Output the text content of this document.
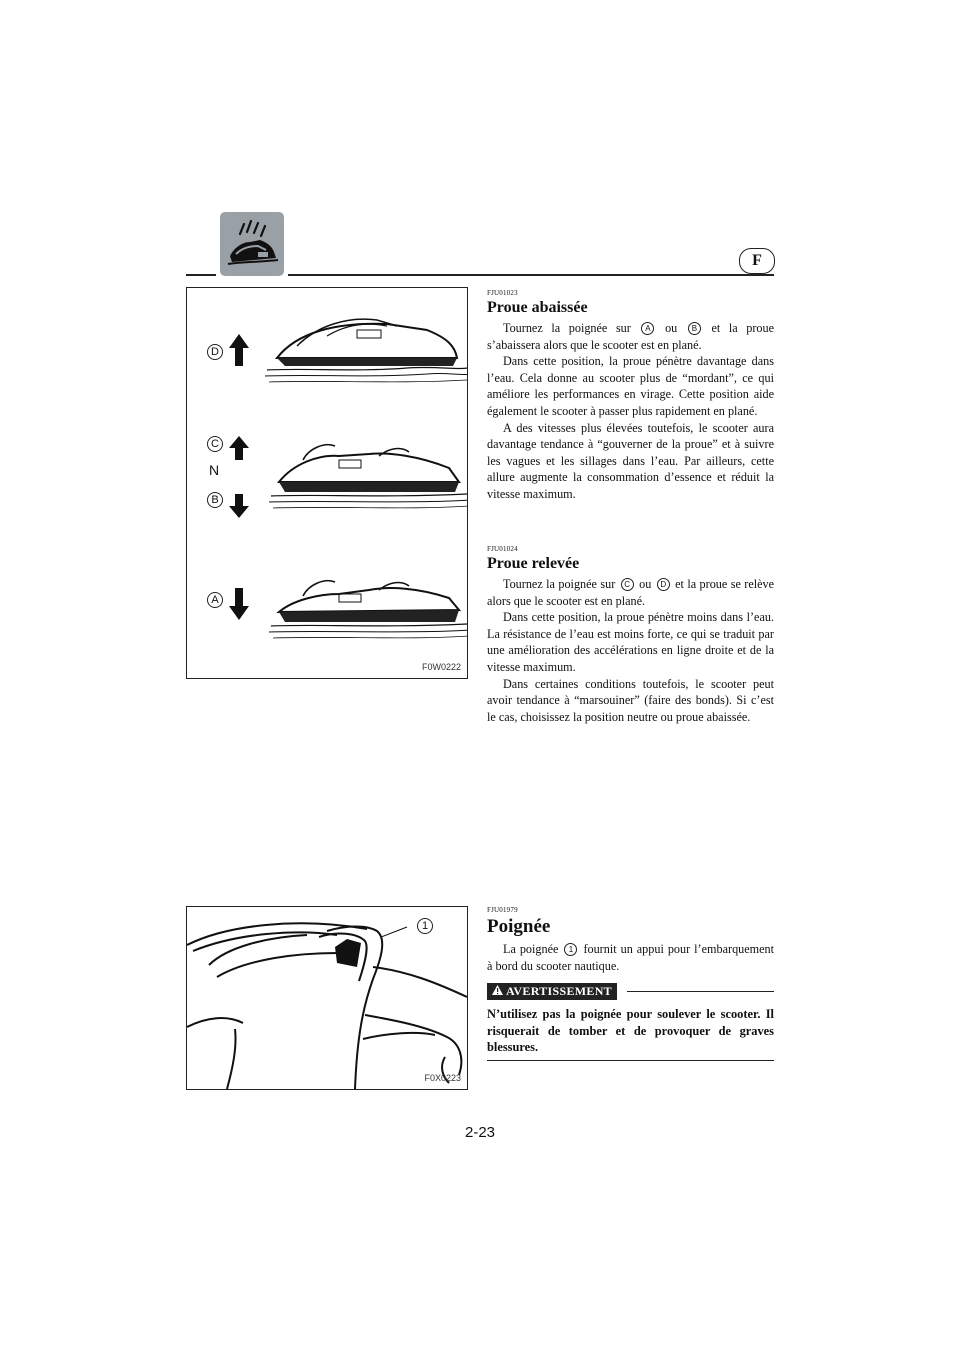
F
D
C
N
B
A
F0W0222
1
F0X0223
FJU01023
Proue abaissée

Tournez la poignée sur A ou B et la proue s’abaissera alors que le scooter est en plané.

Dans cette position, la proue pénètre davantage dans l’eau. Cela donne au scooter plus de “mordant”, ce qui améliore les performances en virage. Cette position aide également le scooter à passer plus rapidement en plané.

A des vitesses plus élevées toutefois, le scooter aura davantage tendance à “gouverner de la proue” et à suivre les vagues et les sillages dans l’eau. Par ailleurs, cette allure augmente la consommation d’essence et réduit la vitesse maximum.

FJU01024
Proue relevée

Tournez la poignée sur C ou D et la proue se relève alors que le scooter est en plané.

Dans cette position, la proue pénètre moins dans l’eau. La résistance de l’eau est moins forte, ce qui se traduit par une amélioration des accélérations en ligne droite et de la vitesse maximum.

Dans certaines conditions toutefois, le scooter peut avoir tendance à “marsouiner” (faire des bonds). Si c’est le cas, choisissez la position neutre ou proue abaissée.

FJU01979
Poignée

La poignée 1 fournit un appui pour l’embarquement à bord du scooter nautique.

AVERTISSEMENT

N’utilisez pas la poignée pour soulever le scooter. Il risquerait de tomber et de provoquer de graves blessures.

2-23
